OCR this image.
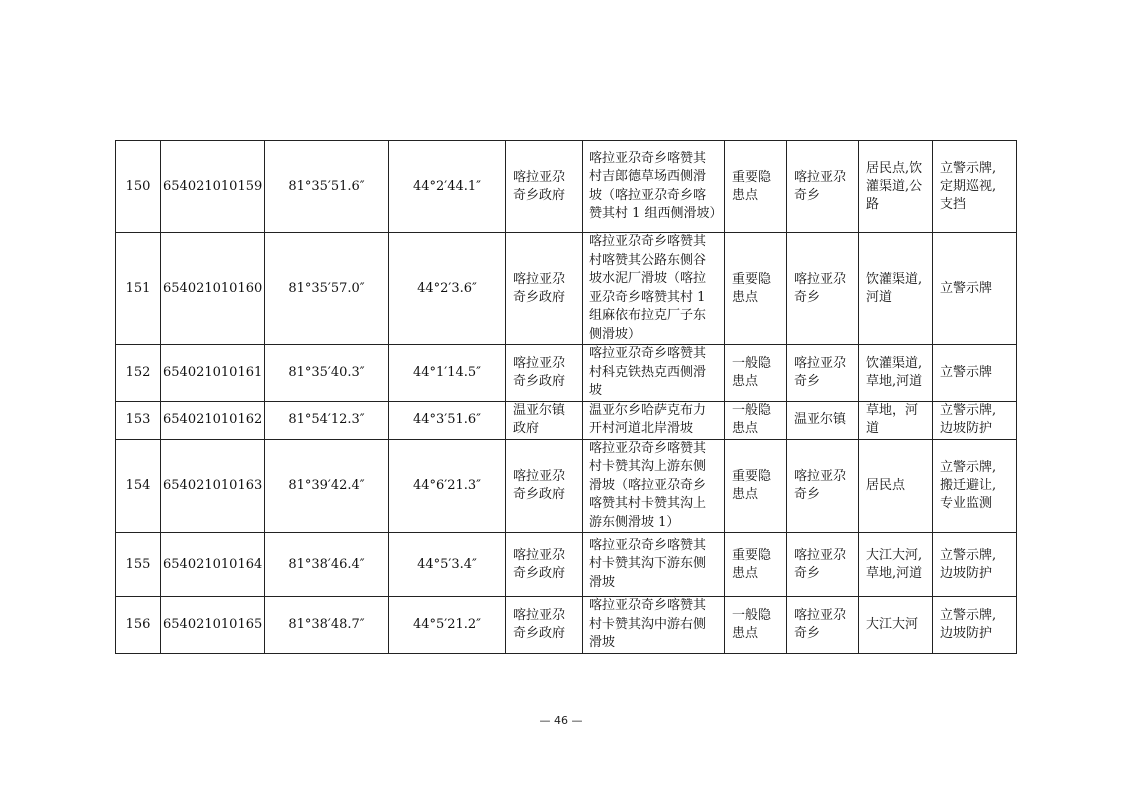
150	654021010159	81°35′51.6″	44°2′44.1″	喀拉亚尕奇乡政府	喀拉亚尕奇乡喀赞其村吉郎德草场西侧滑坡（喀拉亚尕奇乡喀赞其村 1 组西侧滑坡）	重要隐患点	喀拉亚尕奇乡	居民点,饮灌渠道,公路	立警示牌,定期巡视,支挡
151	654021010160	81°35′57.0″	44°2′3.6″	喀拉亚尕奇乡政府	喀拉亚尕奇乡喀赞其村喀赞其公路东侧谷坡水泥厂滑坡（喀拉亚尕奇乡喀赞其村 1 组麻依布拉克厂子东侧滑坡）	重要隐患点	喀拉亚尕奇乡	饮灌渠道,河道	立警示牌
152	654021010161	81°35′40.3″	44°1′14.5″	喀拉亚尕奇乡政府	喀拉亚尕奇乡喀赞其村科克铁热克西侧滑坡	一般隐患点	喀拉亚尕奇乡	饮灌渠道,草地,河道	立警示牌
153	654021010162	81°54′12.3″	44°3′51.6″	温亚尔镇政府	温亚尔乡哈萨克布力开村河道北岸滑坡	一般隐患点	温亚尔镇	草地，河道	立警示牌,边坡防护
154	654021010163	81°39′42.4″	44°6′21.3″	喀拉亚尕奇乡政府	喀拉亚尕奇乡喀赞其村卡赞其沟上游东侧滑坡（喀拉亚尕奇乡喀赞其村卡赞其沟上游东侧滑坡 1）	重要隐患点	喀拉亚尕奇乡	居民点	立警示牌,搬迁避让,专业监测
155	654021010164	81°38′46.4″	44°5′3.4″	喀拉亚尕奇乡政府	喀拉亚尕奇乡喀赞其村卡赞其沟下游东侧滑坡	重要隐患点	喀拉亚尕奇乡	大江大河,草地,河道	立警示牌,边坡防护
156	654021010165	81°38′48.7″	44°5′21.2″	喀拉亚尕奇乡政府	喀拉亚尕奇乡喀赞其村卡赞其沟中游右侧滑坡	一般隐患点	喀拉亚尕奇乡	大江大河	立警示牌,边坡防护
— 46 —
